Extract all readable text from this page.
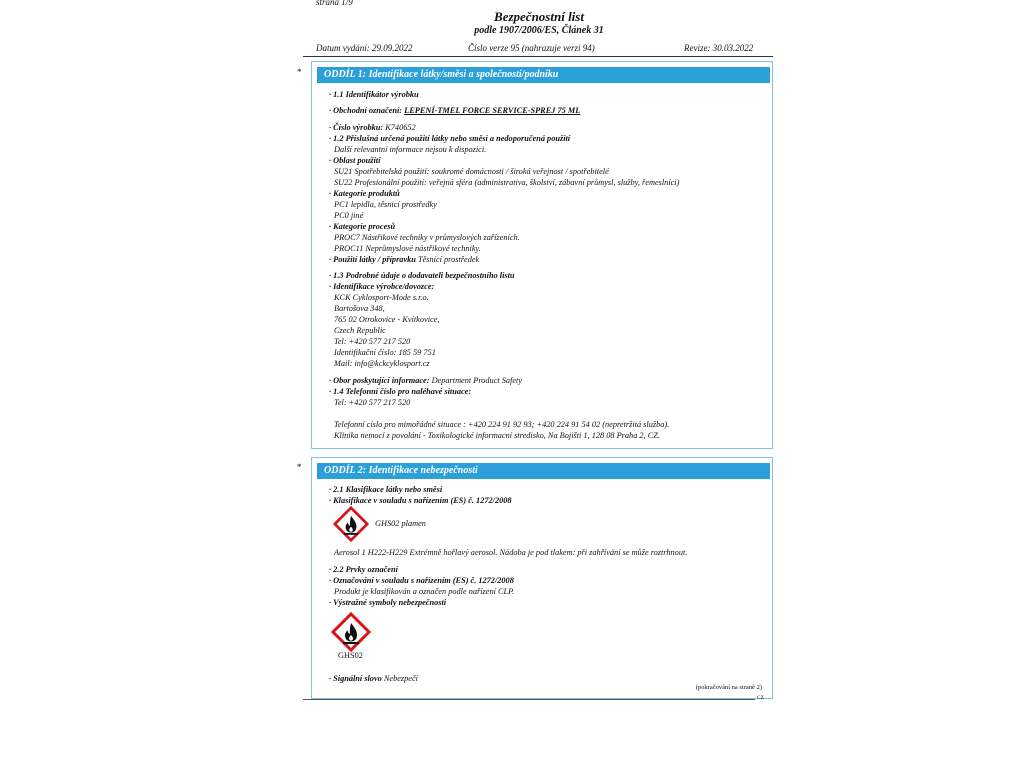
strana 1/9
Bezpečnostní list
podle 1907/2006/ES, Článek 31
Datum vydání: 29.09.2022	Číslo verze 95 (nahrazuje verzi 94)	Revize: 30.03.2022
*	ODDÍL 1: Identifikace látky/směsi a společnosti/podniku
· 1.1 Identifikátor výrobku
· Obchodní označení: LEPENÍ-TMEL FORCE SERVICE-SPREJ 75 ML
· Číslo výrobku: K740652
· 1.2 Příslušná určená použití látky nebo směsi a nedoporučená použití
Další relevantní informace nejsou k dispozici.
· Oblast použití
SU21 Spotřebitelská použití: soukromé domácnosti / široká veřejnost / spotřebitelé
SU22 Profesionální použití: veřejná sféra (administrativa, školství, zábavní průmysl, služby, řemeslníci)
· Kategorie produktů
PC1 lepidla, těsnicí prostředky
PC0 jiné
· Kategorie procesů
PROC7 Nástřikové techniky v průmyslových zařízeních.
PROC11 Neprůmyslové nástřikové techniky.
· Použití látky / přípravku Těsnící prostředek
· 1.3 Podrobné údaje o dodavateli bezpečnostního listu
· Identifikace výrobce/dovozce:
KCK Cyklosport-Mode s.r.o.
Bartošova 348,
765 02 Otrokovice - Kvítkovice,
Czech Republic
Tel: +420 577 217 520
Identifikační číslo: 185 59 751
Mail: info@kckcyklosport.cz
· Obor poskytující informace: Department Product Safety
· 1.4 Telefonní číslo pro naléhavé situace:
Tel: +420 577 217 520
Telefonní císlo pro mimořádné situace : +420 224 91 92 93; +420 224 91 54 02 (nepretržitá služba).
Klinika nemocí z povolání - Toxikologické informacní stredisko, Na Bojišti 1, 128 08 Praha 2, CZ.
*	ODDÍL 2: Identifikace nebezpečnosti
· 2.1 Klasifikace látky nebo směsi
· Klasifikace v souladu s nařízením (ES) č. 1272/2008
GHS02 plamen
Aerosol 1 H222-H229 Extrémně hořlavý aerosol. Nádoba je pod tlakem: při zahřívání se může roztrhnout.
· 2.2 Prvky označení
· Označování v souladu s nařízením (ES) č. 1272/2008
Produkt je klasifikován a označen podle nařízení CLP.
· Výstražné symboly nebezpečnosti
GHS02
· Signální slovo Nebezpečí
(pokračování na straně 2)
CZ
